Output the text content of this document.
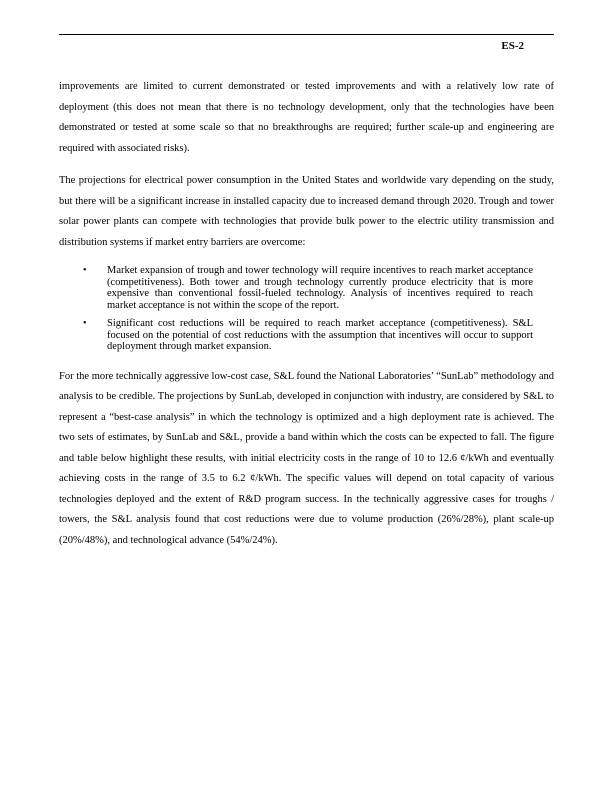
ES-2

improvements are limited to current demonstrated or tested improvements and with a relatively low rate of deployment (this does not mean that there is no technology development, only that the technologies have been demonstrated or tested at some scale so that no breakthroughs are required; further scale-up and engineering are required with associated risks).

The projections for electrical power consumption in the United States and worldwide vary depending on the study, but there will be a significant increase in installed capacity due to increased demand through 2020. Trough and tower solar power plants can compete with technologies that provide bulk power to the electric utility transmission and distribution systems if market entry barriers are overcome:

• Market expansion of trough and tower technology will require incentives to reach market acceptance (competitiveness). Both tower and trough technology currently produce electricity that is more expensive than conventional fossil-fueled technology. Analysis of incentives required to reach market acceptance is not within the scope of the report.
• Significant cost reductions will be required to reach market acceptance (competitiveness). S&L focused on the potential of cost reductions with the assumption that incentives will occur to support deployment through market expansion.

For the more technically aggressive low-cost case, S&L found the National Laboratories’ “SunLab” methodology and analysis to be credible. The projections by SunLab, developed in conjunction with industry, are considered by S&L to represent a “best-case analysis” in which the technology is optimized and a high deployment rate is achieved. The two sets of estimates, by SunLab and S&L, provide a band within which the costs can be expected to fall. The figure and table below highlight these results, with initial electricity costs in the range of 10 to 12.6 ¢/kWh and eventually achieving costs in the range of 3.5 to 6.2 ¢/kWh. The specific values will depend on total capacity of various technologies deployed and the extent of R&D program success. In the technically aggressive cases for troughs / towers, the S&L analysis found that cost reductions were due to volume production (26%/28%), plant scale-up (20%/48%), and technological advance (54%/24%).
